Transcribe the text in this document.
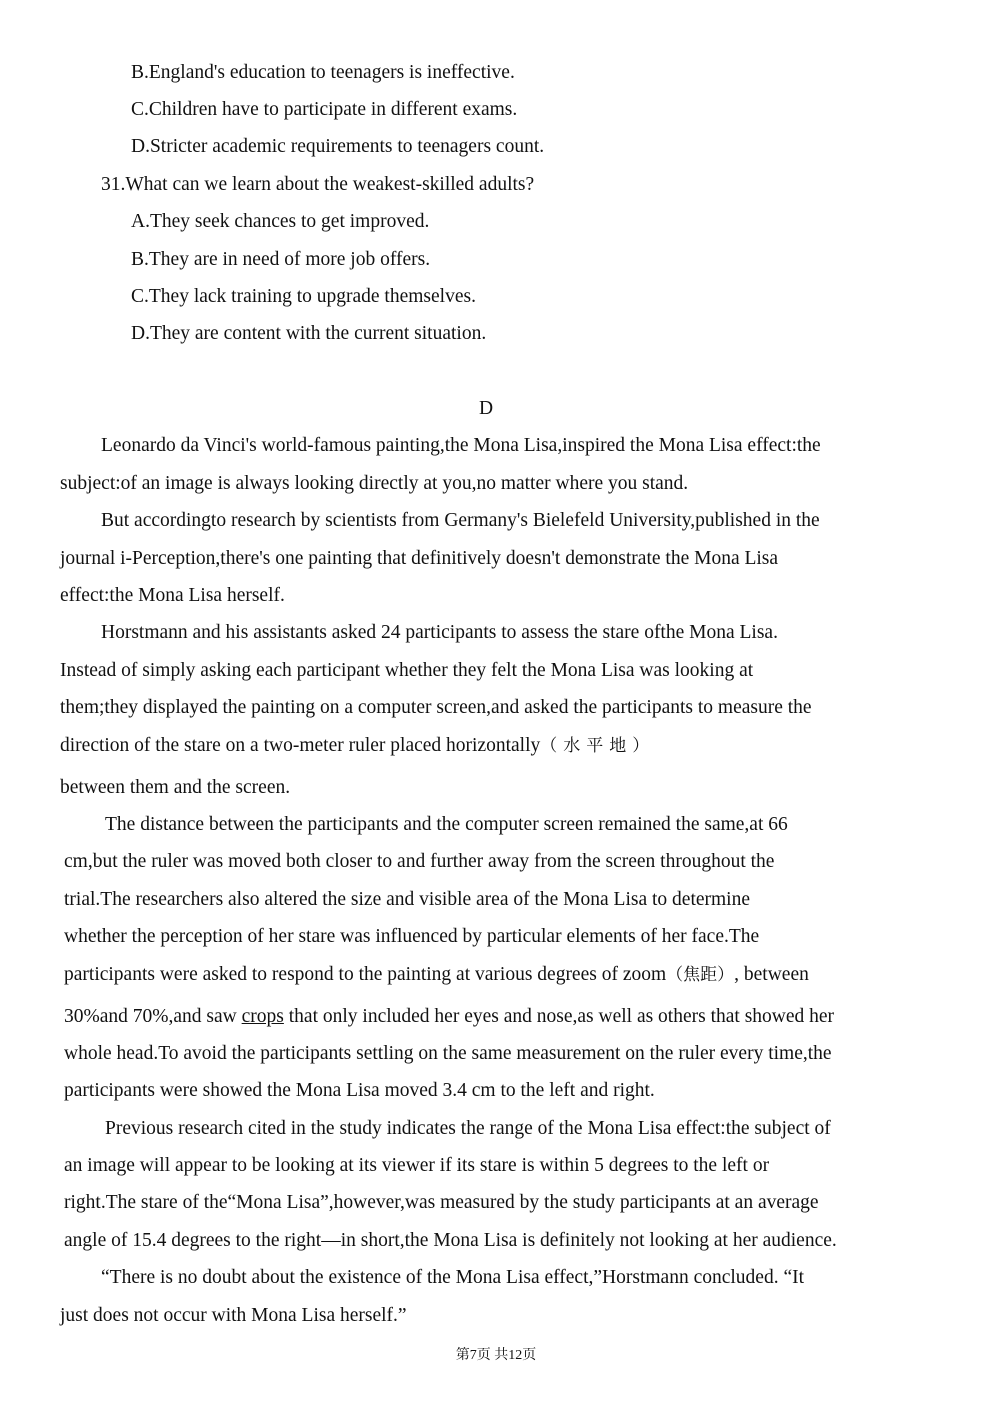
B.England's education to teenagers is ineffective.
C.Children have to participate in different exams.
D.Stricter academic requirements to teenagers count.
31.What can we learn about the weakest-skilled adults?
A.They seek chances to get improved.
B.They are in need of more job offers.
C.They lack training to upgrade themselves.
D.They are content with the current situation.
D
Leonardo da Vinci's world-famous painting,the Mona Lisa,inspired the Mona Lisa effect:the
subject:of an image is always looking directly at you,no matter where you stand.
But accordingto research by scientists from Germany's Bielefeld University,published in the
journal i-Perception,there's one painting that definitively doesn't demonstrate the Mona Lisa
effect:the Mona Lisa herself.
Horstmann and his assistants asked 24 participants to assess the stare ofthe Mona Lisa.
Instead of simply asking each participant whether they felt the Mona Lisa was looking at
them;they displayed the painting on a computer screen,and asked the participants to measure the
direction of the stare on a two-meter ruler placed horizontally（水平地）
between them and the screen.
The distance between the participants and the computer screen remained the same,at 66
cm,but the ruler was moved both closer to and further away from the screen throughout the
trial.The researchers also altered the size and visible area of the Mona Lisa to determine
whether the perception of her stare was influenced by particular elements of her face.The
participants were asked to respond to the painting at various degrees of zoom（焦距）, between
30%and 70%,and saw crops that only included her eyes and nose,as well as others that showed her
whole head.To avoid the participants settling on the same measurement on the ruler every time,the
participants were showed the Mona Lisa moved 3.4 cm to the left and right.
Previous research cited in the study indicates the range of the Mona Lisa effect:the subject of
an image will appear to be looking at its viewer if its stare is within 5 degrees to the left or
right.The stare of the“Mona Lisa”,however,was measured by the study participants at an average
angle of 15.4 degrees to the right—in short,the Mona Lisa is definitely not looking at her audience.
“There is no doubt about the existence of the Mona Lisa effect,”Horstmann concluded. “It
just does not occur with Mona Lisa herself.”
第7页 共12页
